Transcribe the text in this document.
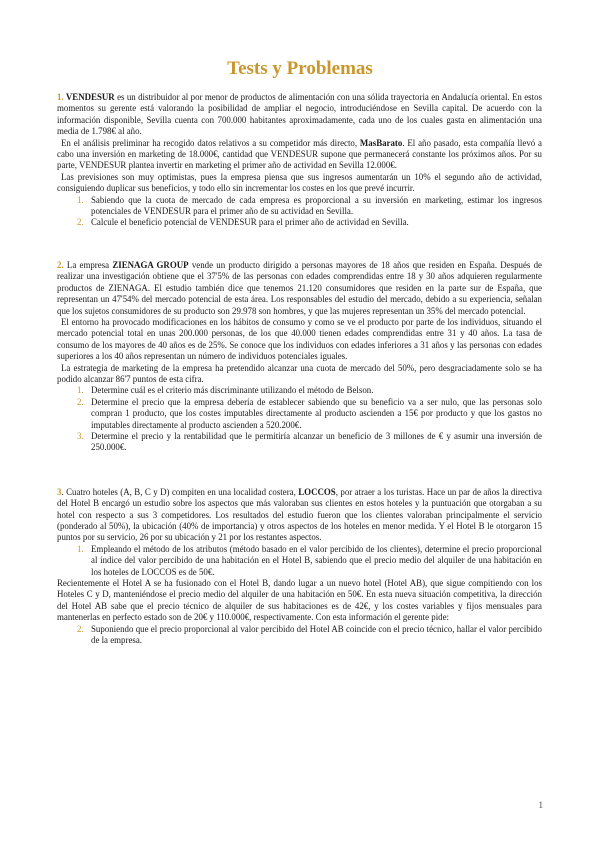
Tests y Problemas

1. VENDESUR es un distribuidor al por menor de productos de alimentación con una sólida trayectoria en Andalucía oriental. En estos momentos su gerente está valorando la posibilidad de ampliar el negocio, introduciéndose en Sevilla capital. De acuerdo con la información disponible, Sevilla cuenta con 700.000 habitantes aproximadamente, cada uno de los cuales gasta en alimentación una media de 1.798€ al año.

En el análisis preliminar ha recogido datos relativos a su competidor más directo, MasBarato. El año pasado, esta compañía llevó a cabo una inversión en marketing de 18.000€, cantidad que VENDESUR supone que permanecerá constante los próximos años. Por su parte, VENDESUR plantea invertir en marketing el primer año de actividad en Sevilla 12.000€.

Las previsiones son muy optimistas, pues la empresa piensa que sus ingresos aumentarán un 10% el segundo año de actividad, consiguiendo duplicar sus beneficios, y todo ello sin incrementar los costes en los que prevé incurrir.

1. Sabiendo que la cuota de mercado de cada empresa es proporcional a su inversión en marketing, estimar los ingresos potenciales de VENDESUR para el primer año de su actividad en Sevilla.
2. Calcule el beneficio potencial de VENDESUR para el primer año de actividad en Sevilla.

2. La empresa ZIENAGA GROUP vende un producto dirigido a personas mayores de 18 años que residen en España. Después de realizar una investigación obtiene que el 37'5% de las personas con edades comprendidas entre 18 y 30 años adquieren regularmente productos de ZIENAGA. El estudio también dice que tenemos 21.120 consumidores que residen en la parte sur de España, que representan un 47'54% del mercado potencial de esta área. Los responsables del estudio del mercado, debido a su experiencia, señalan que los sujetos consumidores de su producto son 29.978 son hombres, y que las mujeres representan un 35% del mercado potencial.

El entorno ha provocado modificaciones en los hábitos de consumo y como se ve el producto por parte de los individuos, situando el mercado potencial total en unas 200.000 personas, de los que 40.000 tienen edades comprendidas entre 31 y 40 años. La tasa de consumo de los mayores de 40 años es de 25%. Se conoce que los individuos con edades inferiores a 31 años y las personas con edades superiores a los 40 años representan un número de individuos potenciales iguales.

La estrategia de marketing de la empresa ha pretendido alcanzar una cuota de mercado del 50%, pero desgraciadamente solo se ha podido alcanzar 86'7 puntos de esta cifra.

1. Determine cuál es el criterio más discriminante utilizando el método de Belson.
2. Determine el precio que la empresa debería de establecer sabiendo que su beneficio va a ser nulo, que las personas solo compran 1 producto, que los costes imputables directamente al producto ascienden a 15€ por producto y que los gastos no imputables directamente al producto ascienden a 520.200€.
3. Determine el precio y la rentabilidad que le permitiría alcanzar un beneficio de 3 millones de € y asumir una inversión de 250.000€.

3. Cuatro hoteles (A, B, C y D) compiten en una localidad costera, LOCCOS, por atraer a los turistas. Hace un par de años la directiva del Hotel B encargó un estudio sobre los aspectos que más valoraban sus clientes en estos hoteles y la puntuación que otorgaban a su hotel con respecto a sus 3 competidores. Los resultados del estudio fueron que los clientes valoraban principalmente el servicio (ponderado al 50%), la ubicación (40% de importancia) y otros aspectos de los hoteles en menor medida. Y el Hotel B le otorgaron 15 puntos por su servicio, 26 por su ubicación y 21 por los restantes aspectos.

1. Empleando el método de los atributos (método basado en el valor percibido de los clientes), determine el precio proporcional al índice del valor percibido de una habitación en el Hotel B, sabiendo que el precio medio del alquiler de una habitación en los hoteles de LOCCOS es de 50€.

Recientemente el Hotel A se ha fusionado con el Hotel B, dando lugar a un nuevo hotel (Hotel AB), que sigue compitiendo con los Hoteles C y D, manteniéndose el precio medio del alquiler de una habitación en 50€. En esta nueva situación competitiva, la dirección del Hotel AB sabe que el precio técnico de alquiler de sus habitaciones es de 42€, y los costes variables y fijos mensuales para mantenerlas en perfecto estado son de 20€ y 110.000€, respectivamente. Con esta información el gerente pide:

2. Suponiendo que el precio proporcional al valor percibido del Hotel AB coincide con el precio técnico, hallar el valor percibido de la empresa.
1
